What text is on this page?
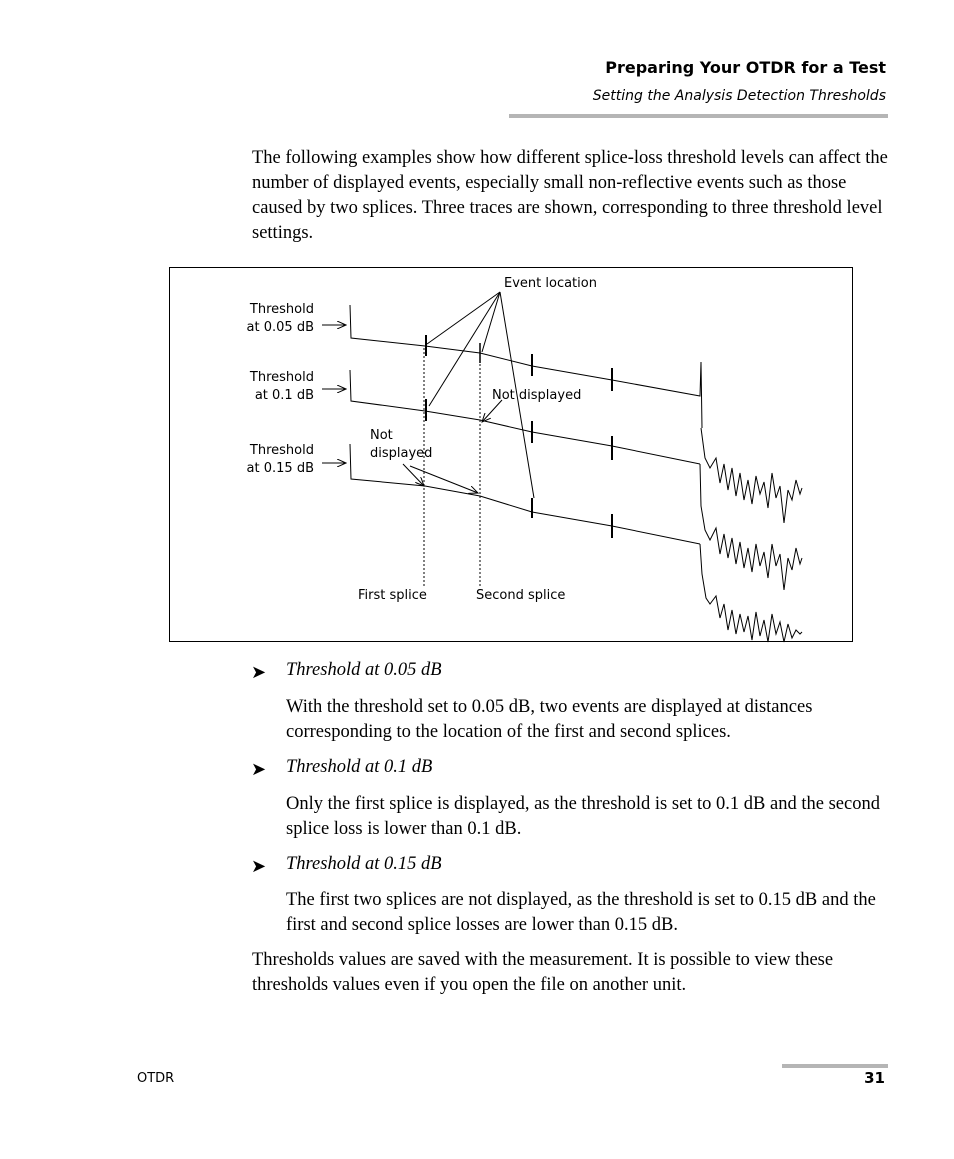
Preparing Your OTDR for a Test
Setting the Analysis Detection Thresholds

The following examples show how different splice-loss threshold levels can affect the number of displayed events, especially small non-reflective events such as those caused by two splices. Three traces are shown, corresponding to three threshold level settings.

Event location
Threshold
at 0.05 dB
Threshold
at 0.1 dB
Threshold
at 0.15 dB
Not displayed
Not
displayed
First splice	Second splice
➤ Threshold at 0.05 dB

With the threshold set to 0.05 dB, two events are displayed at distances corresponding to the location of the first and second splices.

➤ Threshold at 0.1 dB

Only the first splice is displayed, as the threshold is set to 0.1 dB and the second splice loss is lower than 0.1 dB.

➤ Threshold at 0.15 dB

The first two splices are not displayed, as the threshold is set to 0.15 dB and the first and second splice losses are lower than 0.15 dB.

Thresholds values are saved with the measurement. It is possible to view these thresholds values even if you open the file on another unit.

OTDR	31
